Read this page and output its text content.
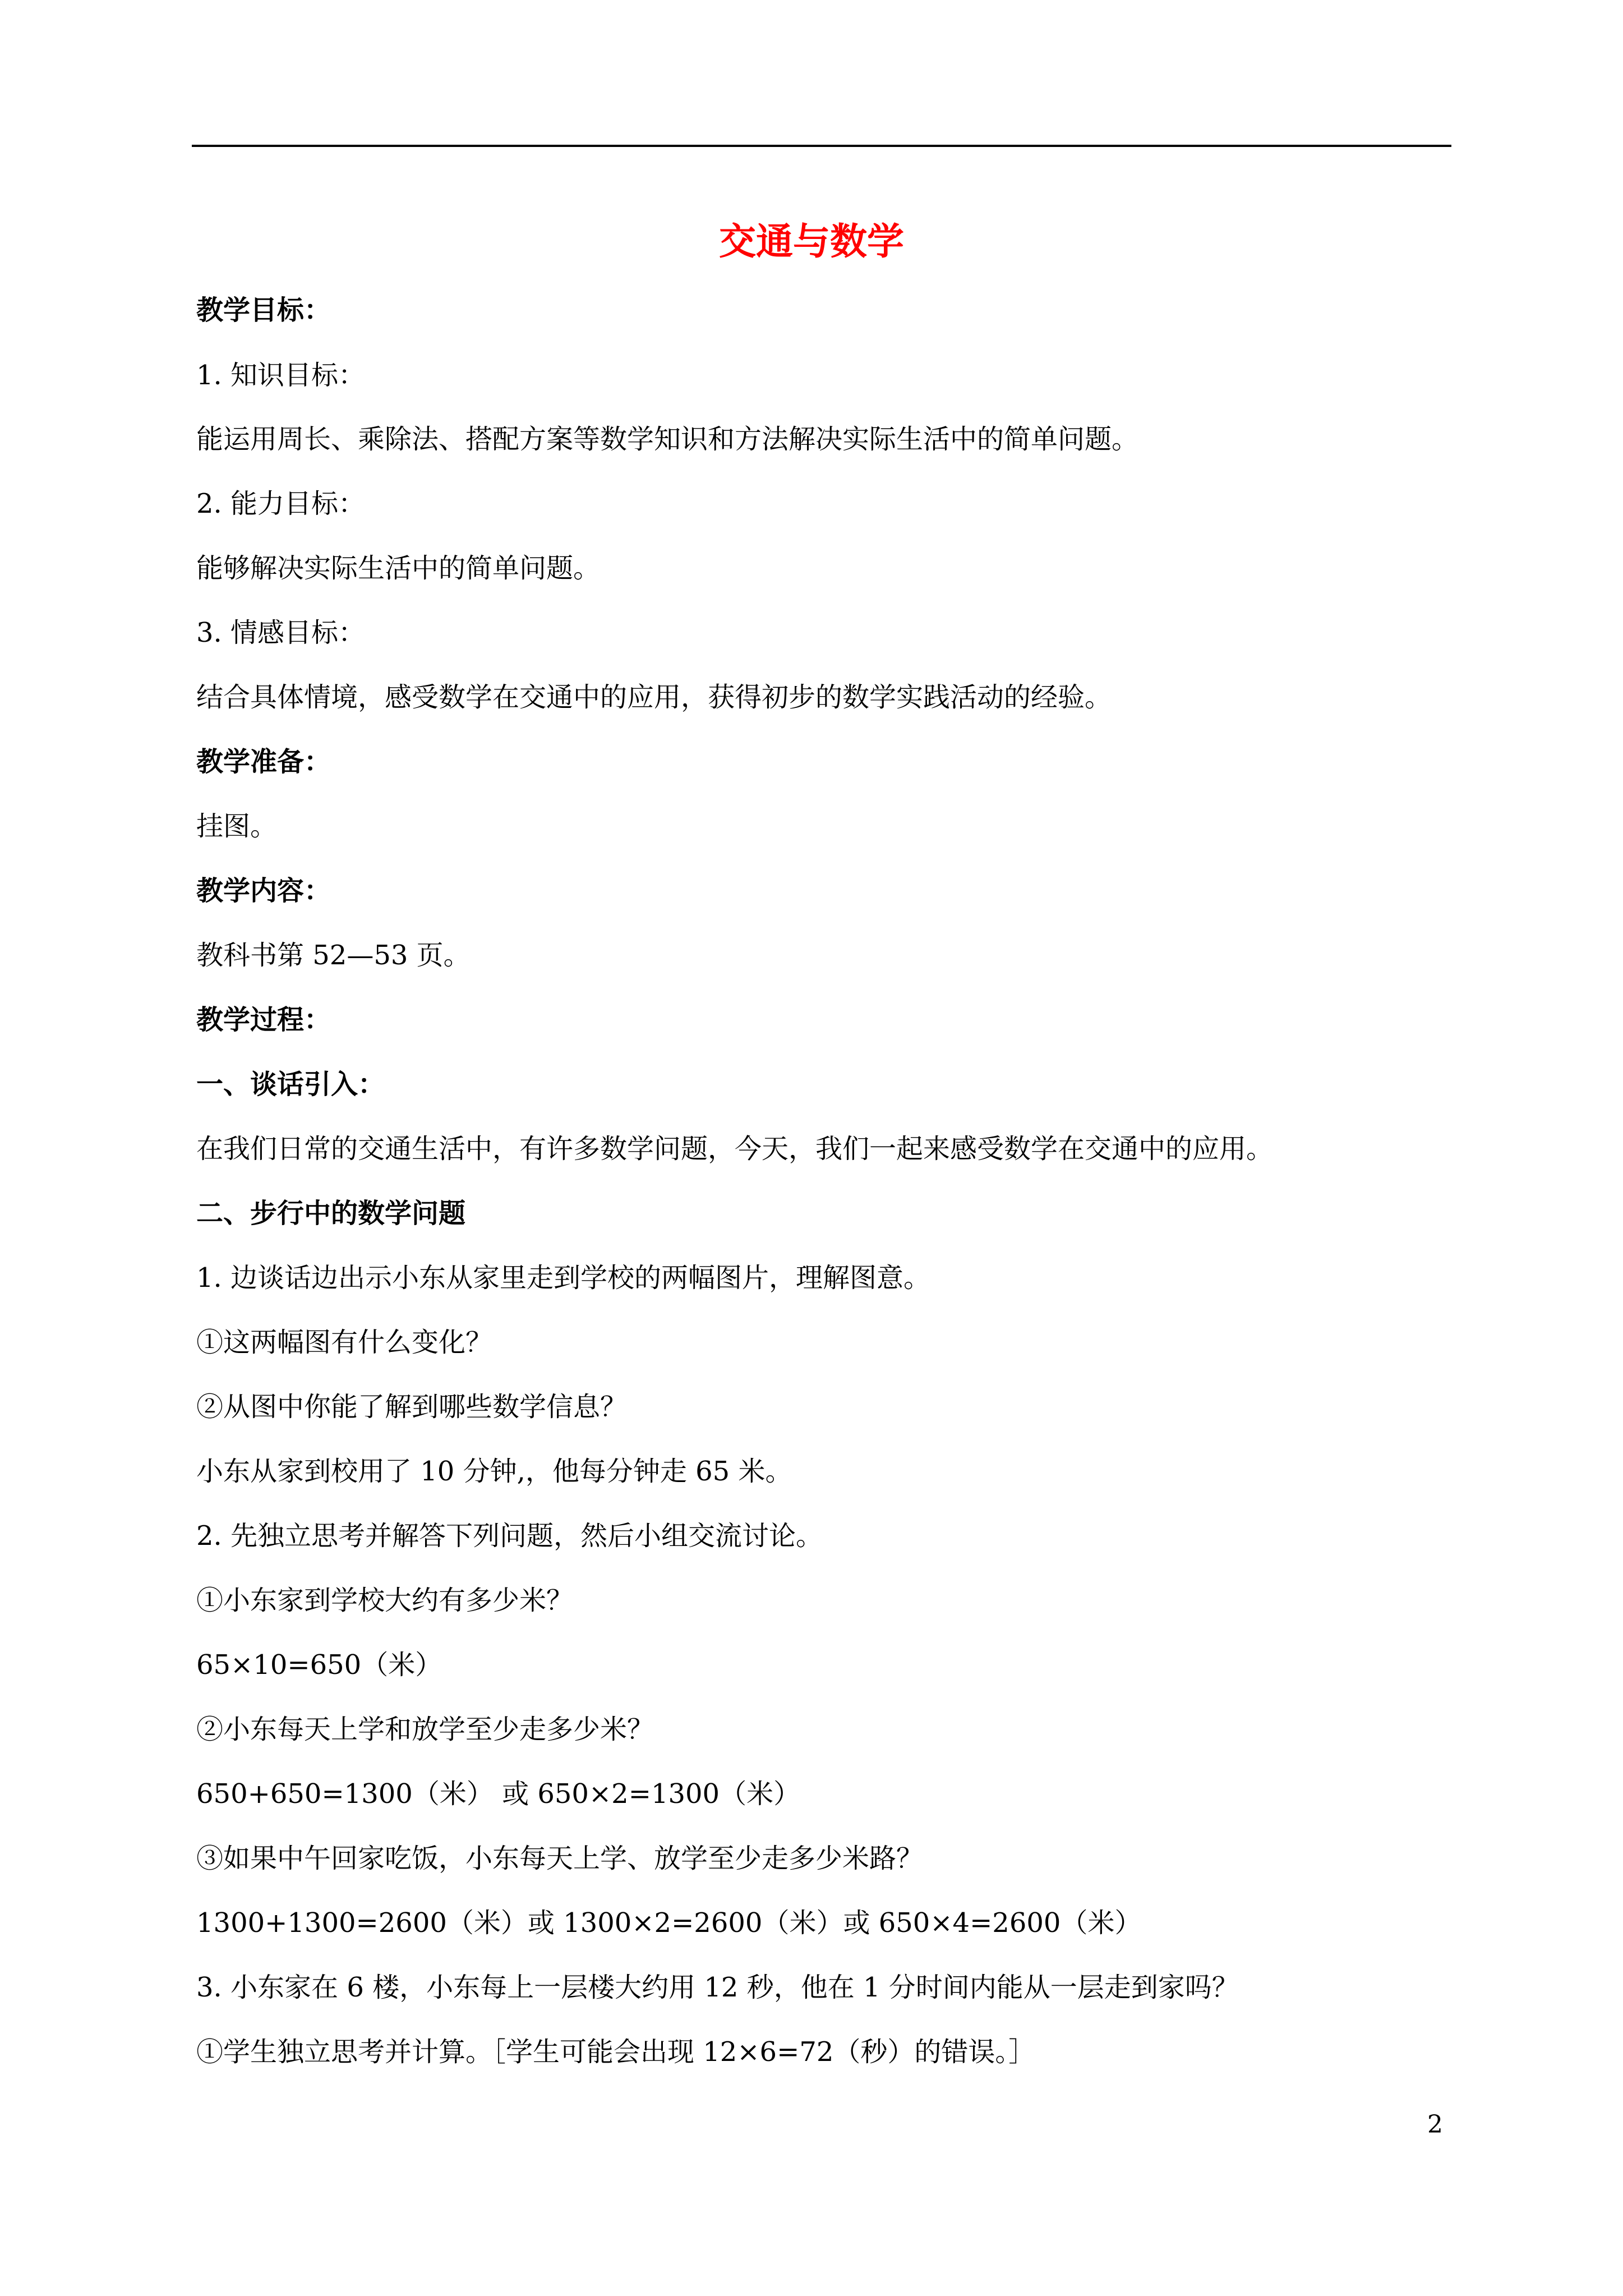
交通与数学
教学目标：
1. 知识目标：
能运用周长、乘除法、搭配方案等数学知识和方法解决实际生活中的简单问题。
2. 能力目标：
能够解决实际生活中的简单问题。
3. 情感目标：
结合具体情境，感受数学在交通中的应用，获得初步的数学实践活动的经验。
教学准备：
挂图。
教学内容：
教科书第 52—53 页。
教学过程：
一、谈话引入：
在我们日常的交通生活中，有许多数学问题，今天，我们一起来感受数学在交通中的应用。
二、步行中的数学问题
1. 边谈话边出示小东从家里走到学校的两幅图片，理解图意。
①这两幅图有什么变化？
②从图中你能了解到哪些数学信息？
小东从家到校用了 10 分钟,，他每分钟走 65 米。
2. 先独立思考并解答下列问题，然后小组交流讨论。
①小东家到学校大约有多少米？
65×10=650（米）
②小东每天上学和放学至少走多少米？
650+650=1300（米） 或 650×2=1300（米）
③如果中午回家吃饭，小东每天上学、放学至少走多少米路？
1300+1300=2600（米）或 1300×2=2600（米）或 650×4=2600（米）
3. 小东家在 6 楼，小东每上一层楼大约用 12 秒，他在 1 分时间内能从一层走到家吗？
①学生独立思考并计算。［学生可能会出现 12×6=72（秒）的错误。］
2
